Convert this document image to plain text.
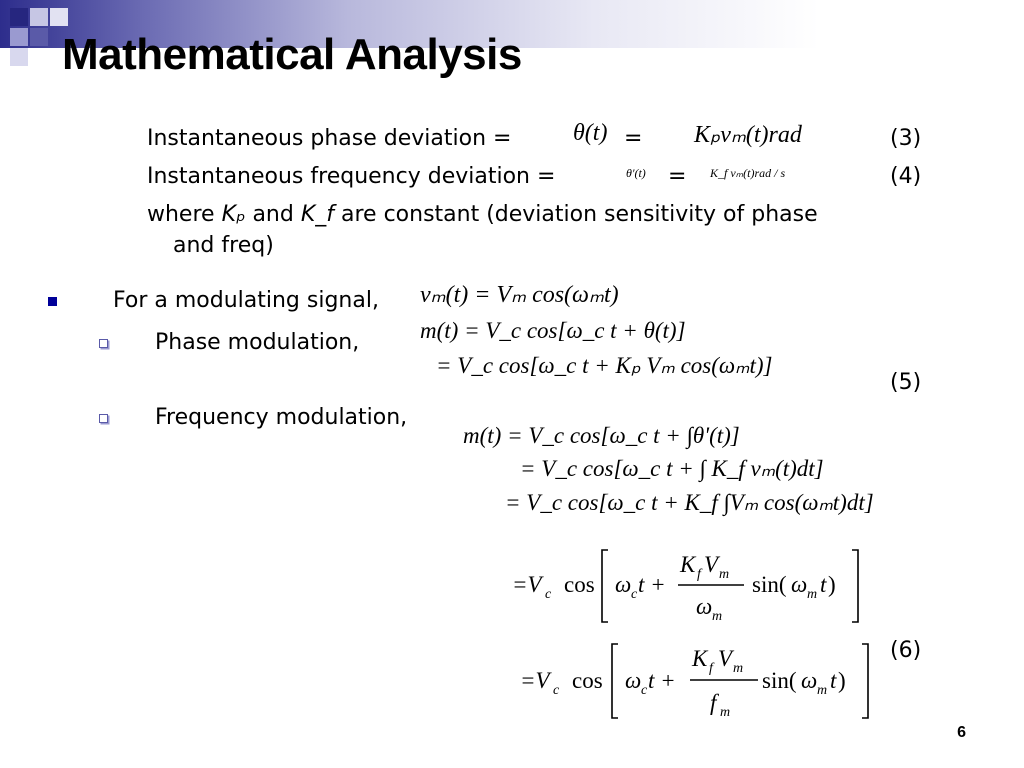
Mathematical Analysis
Instantaneous phase deviation =	θ(t) = Kₚvₘ(t)rad	(3)
Instantaneous frequency deviation =	θ'(t) = K_f vₘ(t)rad / s	(4)
where Kₚ and K_f are constant (deviation sensitivity of phase
and freq)
For a modulating signal, vₘ(t) = Vₘ cos(ωₘt)
Phase modulation,	m(t) = V_c cos[ω_c t + θ(t)]
= V_c cos[ω_c t + Kₚ Vₘ cos(ωₘt)]
(5)
Frequency modulation,
m(t) = V_c cos[ω_c t + ∫θ'(t)]
= V_c cos[ω_c t + ∫ K_f vₘ(t)dt]
= V_c cos[ω_c t + K_f ∫Vₘ cos(ωₘt)dt]
=V c cos ω c t +
K f V m
ω m
sin( ω m t )
=V c cos ω c t +
K f V m
f m
sin( ω m t )
(6)
6
